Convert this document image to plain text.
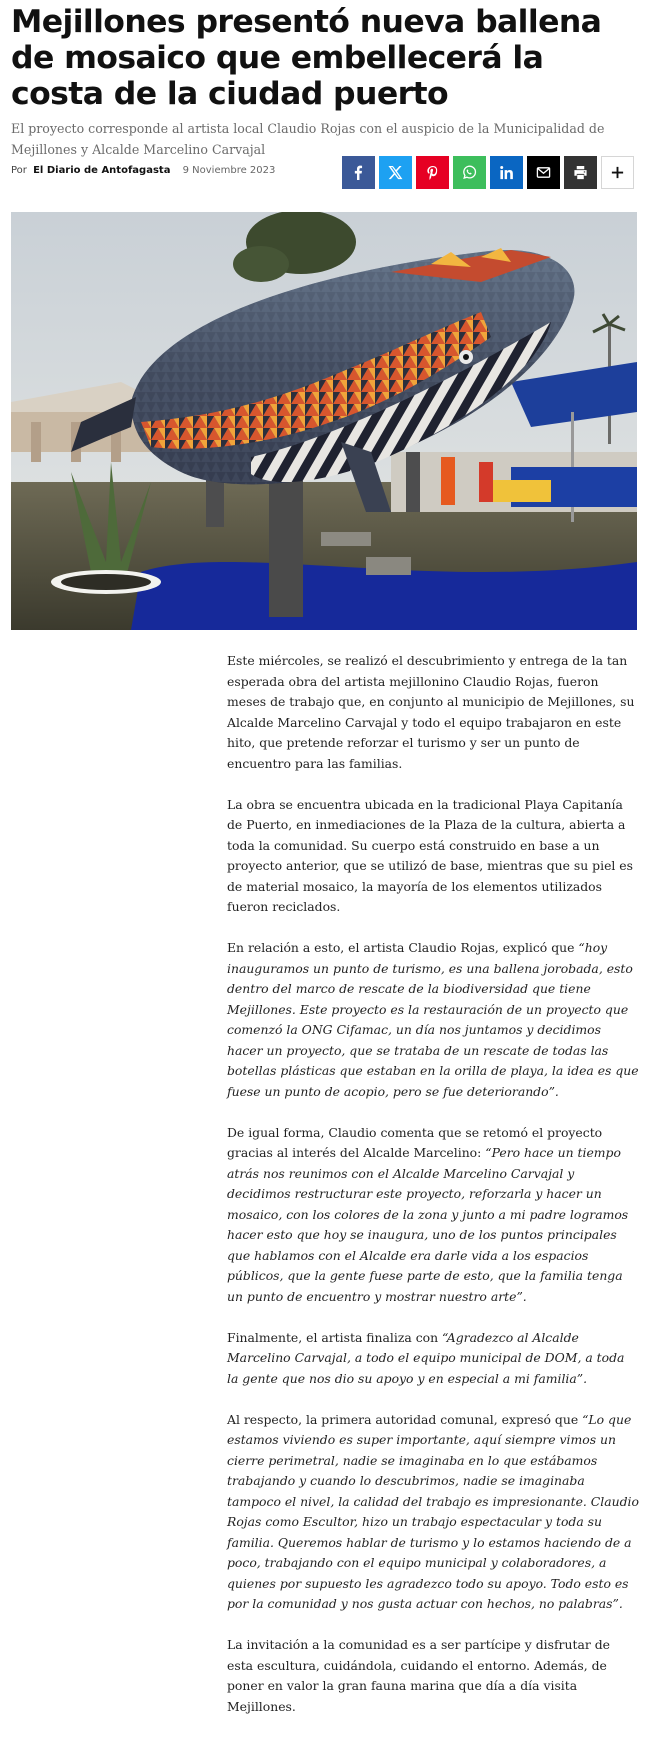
Mejillones presentó nueva ballena de mosaico que embellecerá la costa de la ciudad puerto

El proyecto corresponde al artista local Claudio Rojas con el auspicio de la Municipalidad de Mejillones y Alcalde Marcelino Carvajal

Por El Diario de Antofagasta 9 Noviembre 2023

Este miércoles, se realizó el descubrimiento y entrega de la tan esperada obra del artista mejillonino Claudio Rojas, fueron meses de trabajo que, en conjunto al municipio de Mejillones, su Alcalde Marcelino Carvajal y todo el equipo trabajaron en este hito, que pretende reforzar el turismo y ser un punto de encuentro para las familias.

La obra se encuentra ubicada en la tradicional Playa Capitanía de Puerto, en inmediaciones de la Plaza de la cultura, abierta a toda la comunidad. Su cuerpo está construido en base a un proyecto anterior, que se utilizó de base, mientras que su piel es de material mosaico, la mayoría de los elementos utilizados fueron reciclados.

En relación a esto, el artista Claudio Rojas, explicó que “hoy inauguramos un punto de turismo, es una ballena jorobada, esto dentro del marco de rescate de la biodiversidad que tiene Mejillones. Este proyecto es la restauración de un proyecto que comenzó la ONG Cifamac, un día nos juntamos y decidimos hacer un proyecto, que se trataba de un rescate de todas las botellas plásticas que estaban en la orilla de playa, la idea es que fuese un punto de acopio, pero se fue deteriorando”.

De igual forma, Claudio comenta que se retomó el proyecto gracias al interés del Alcalde Marcelino: “Pero hace un tiempo atrás nos reunimos con el Alcalde Marcelino Carvajal y decidimos restructurar este proyecto, reforzarla y hacer un mosaico, con los colores de la zona y junto a mi padre logramos hacer esto que hoy se inaugura, uno de los puntos principales que hablamos con el Alcalde era darle vida a los espacios públicos, que la gente fuese parte de esto, que la familia tenga un punto de encuentro y mostrar nuestro arte”.

Finalmente, el artista finaliza con “Agradezco al Alcalde Marcelino Carvajal, a todo el equipo municipal de DOM, a toda la gente que nos dio su apoyo y en especial a mi familia”.

Al respecto, la primera autoridad comunal, expresó que “Lo que estamos viviendo es super importante, aquí siempre vimos un cierre perimetral, nadie se imaginaba en lo que estábamos trabajando y cuando lo descubrimos, nadie se imaginaba tampoco el nivel, la calidad del trabajo es impresionante. Claudio Rojas como Escultor, hizo un trabajo espectacular y toda su familia. Queremos hablar de turismo y lo estamos haciendo de a poco, trabajando con el equipo municipal y colaboradores, a quienes por supuesto les agradezco todo su apoyo. Todo esto es por la comunidad y nos gusta actuar con hechos, no palabras”.

La invitación a la comunidad es a ser partícipe y disfrutar de esta escultura, cuidándola, cuidando el entorno. Además, de poner en valor la gran fauna marina que día a día visita Mejillones.
